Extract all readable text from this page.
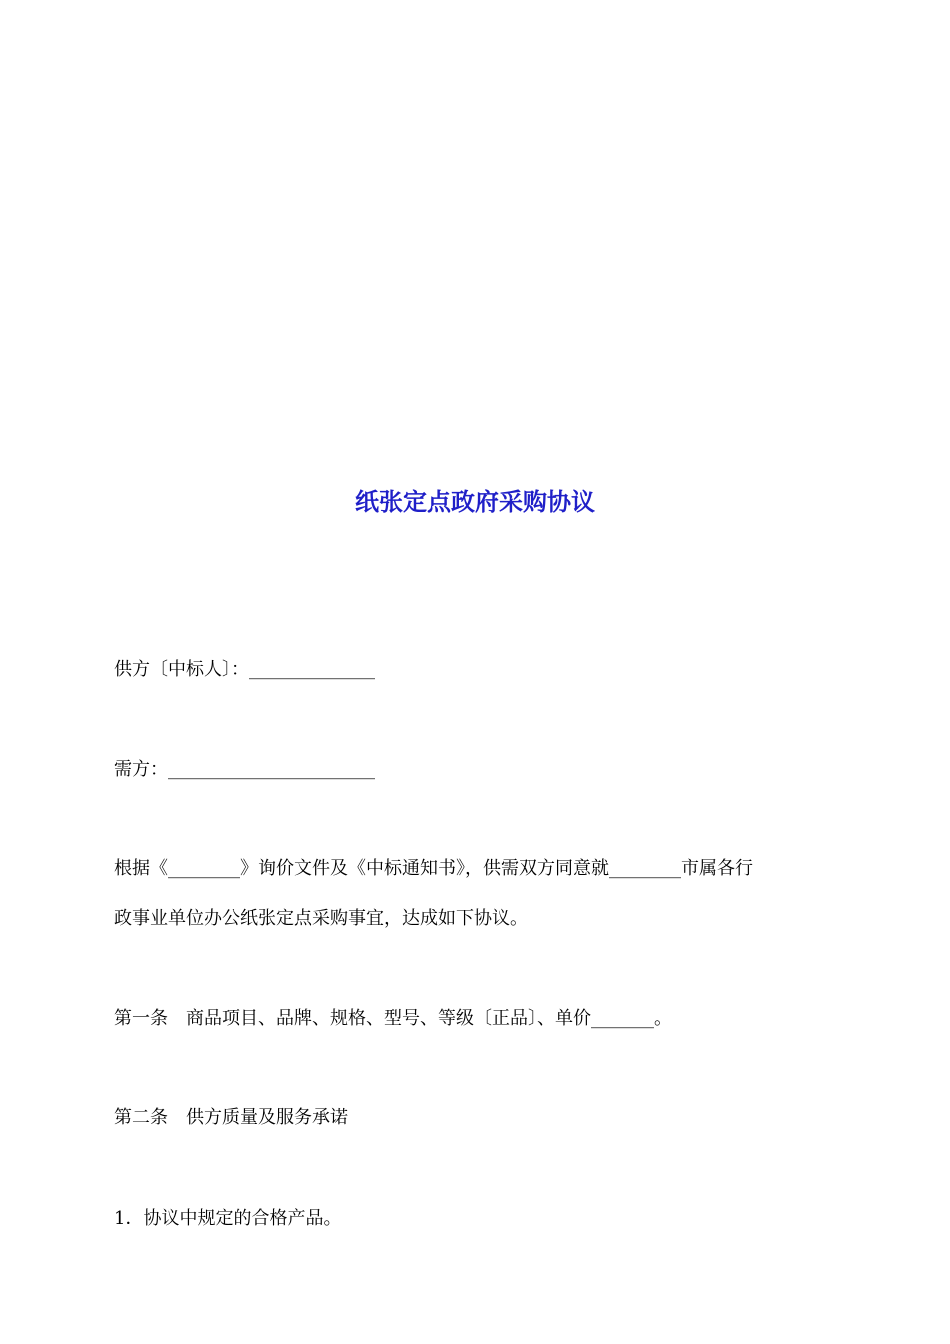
纸张定点政府采购协议

供方〔中标人〕：______________

需方：_______________________

根据《________》询价文件及《中标通知书》，供需双方同意就________市属各行

政事业单位办公纸张定点采购事宜，达成如下协议。

第一条　商品项目、品牌、规格、型号、等级〔正品〕、单价_______。

第二条　供方质量及服务承诺

1．协议中规定的合格产品。
